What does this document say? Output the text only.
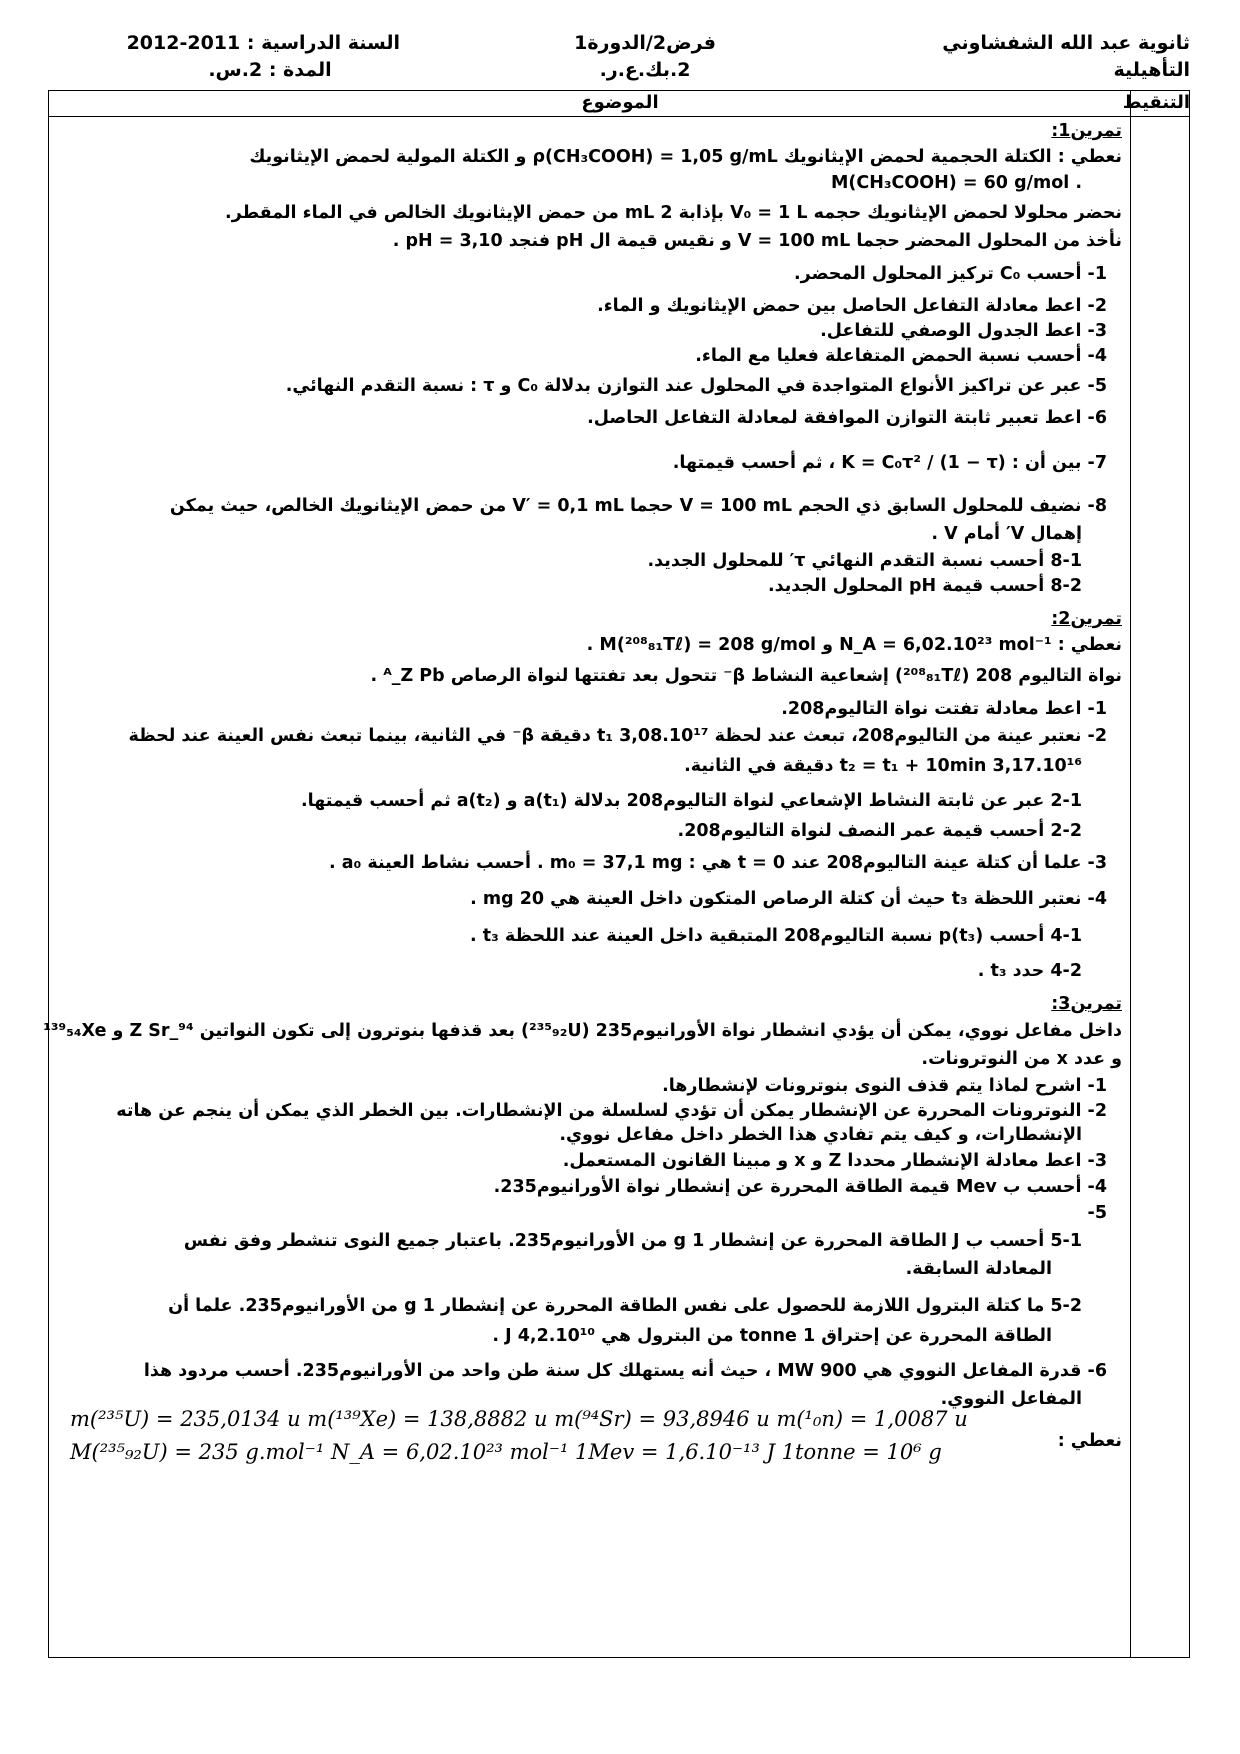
ثانوية عبد الله الشفشاوني
التأهيلية
فرض2/الدورة1
2.بك.ع.ر.
السنة الدراسية : 2011-2012
المدة : 2.س.
التنقيط
الموضوع
تمرين1:
نعطي : الكتلة الحجمية لحمض الإيثانويك ρ(CH₃COOH) = 1,05 g/mL و الكتلة المولية لحمض الإيثانويك
. M(CH₃COOH) = 60 g/mol
نحضر محلولا لحمض الإيثانويك حجمه V₀ = 1 L بإذابة 2 mL من حمض الإيثانويك الخالص في الماء المقطر.
نأخذ من المحلول المحضر حجما V = 100 mL و نقيس قيمة ال pH فنجد pH = 3,10 .
1- أحسب C₀ تركيز المحلول المحضر.
2- اعط معادلة التفاعل الحاصل بين حمض الإيثانويك و الماء.
3- اعط الجدول الوصفي للتفاعل.
4- أحسب نسبة الحمض المتفاعلة فعليا مع الماء.
5- عبر عن تراكيز الأنواع المتواجدة في المحلول عند التوازن بدلالة C₀ و τ : نسبة التقدم النهائي.
6- اعط تعبير ثابتة التوازن الموافقة لمعادلة التفاعل الحاصل.
7- بين أن : K = C₀τ² / (1 − τ) ، ثم أحسب قيمتها.
8- نضيف للمحلول السابق ذي الحجم V = 100 mL حجما V′ = 0,1 mL من حمض الإيثانويك الخالص، حيث يمكن
إهمال V′ أمام V .
8-1 أحسب نسبة التقدم النهائي τ′ للمحلول الجديد.
8-2 أحسب قيمة pH المحلول الجديد.
تمرين2:
نعطي : N_A = 6,02.10²³ mol⁻¹ و M(²⁰⁸₈₁Tℓ) = 208 g/mol .
نواة التاليوم 208 (²⁰⁸₈₁Tℓ) إشعاعية النشاط β⁻ تتحول بعد تفتتها لنواة الرصاص ᴬ_Z Pb .
1- اعط معادلة تفتت نواة التاليوم208.
2- نعتبر عينة من التاليوم208، تبعث عند لحظة t₁ 3,08.10¹⁷ دقيقة β⁻ في الثانية، بينما تبعث نفس العينة عند لحظة
t₂ = t₁ + 10min 3,17.10¹⁶ دقيقة في الثانية.
2-1 عبر عن ثابتة النشاط الإشعاعي لنواة التاليوم208 بدلالة a(t₁) و a(t₂) ثم أحسب قيمتها.
2-2 أحسب قيمة عمر النصف لنواة التاليوم208.
3- علما أن كتلة عينة التاليوم208 عند t = 0 هي : m₀ = 37,1 mg . أحسب نشاط العينة a₀ .
4- نعتبر اللحظة t₃ حيث أن كتلة الرصاص المتكون داخل العينة هي 20 mg .
4-1 أحسب p(t₃) نسبة التاليوم208 المتبقية داخل العينة عند اللحظة t₃ .
4-2 حدد t₃ .
تمرين3:
داخل مفاعل نووي، يمكن أن يؤدي انشطار نواة الأورانيوم235 (²³⁵₉₂U) بعد قذفها بنوترون إلى تكون النواتين ⁹⁴_Z Sr و ¹³⁹₅₄Xe
و عدد x من النوترونات.
1- اشرح لماذا يتم قذف النوى بنوترونات لإنشطارها.
2- النوترونات المحررة عن الإنشطار يمكن أن تؤدي لسلسلة من الإنشطارات. بين الخطر الذي يمكن أن ينجم عن هاته
الإنشطارات، و كيف يتم تفادي هذا الخطر داخل مفاعل نووي.
3- اعط معادلة الإنشطار محددا Z و x و مبينا القانون المستعمل.
4- أحسب ب Mev قيمة الطاقة المحررة عن إنشطار نواة الأورانيوم235.
5-
5-1 أحسب ب J الطاقة المحررة عن إنشطار 1 g من الأورانيوم235. باعتبار جميع النوى تنشطر وفق نفس
المعادلة السابقة.
5-2 ما كتلة البترول اللازمة للحصول على نفس الطاقة المحررة عن إنشطار 1 g من الأورانيوم235. علما أن
الطاقة المحررة عن إحتراق 1 tonne من البترول هي 4,2.10¹⁰ J .
6- قدرة المفاعل النووي هي 900 MW ، حيث أنه يستهلك كل سنة طن واحد من الأورانيوم235. أحسب مردود هذا
المفاعل النووي.
نعطي :
m(²³⁵U) = 235,0134 u m(¹³⁹Xe) = 138,8882 u m(⁹⁴Sr) = 93,8946 u m(¹₀n) = 1,0087 u
M(²³⁵₉₂U) = 235 g.mol⁻¹ N_A = 6,02.10²³ mol⁻¹ 1Mev = 1,6.10⁻¹³ J 1tonne = 10⁶ g
